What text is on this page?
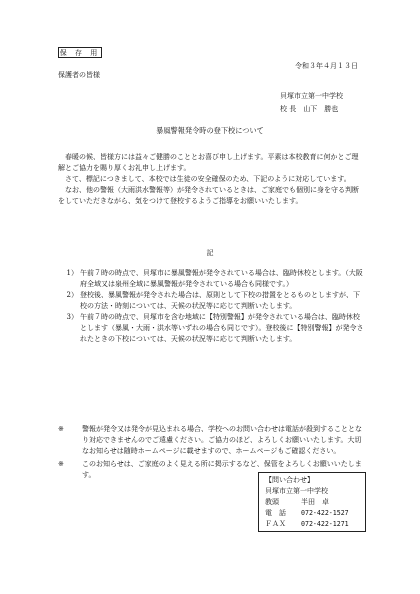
保 存 用
令和３年４月１３日
保護者の皆様
貝塚市立第一中学校
校 長　山下　勝也
暴風警報発令時の登下校について

春暖の候、皆様方には益々ご健勝のこととお喜び申し上げます。平素は本校教育に何かとご理解とご協力を賜り厚くお礼申し上げます。

さて、標記につきまして、本校では生徒の安全確保のため、下記のように対応しています。

なお、他の警報（大雨洪水警報等）が発令されているときは、ご家庭でも個別に身を守る判断をしていただきながら、気をつけて登校するようご指導をお願いいたします。

記
1） 午前７時の時点で、貝塚市に暴風警報が発令されている場合は、臨時休校とします。（大阪府全域又は泉州全域に暴風警報が発令されている場合も同様です。）
2） 登校後、暴風警報が発令された場合は、原則として下校の措置をとるものとしますが、下校の方法・時刻については、天候の状況等に応じて判断いたします。
3） 午前７時の時点で、貝塚市を含む地域に【特別警報】が発令されている場合は、臨時休校とします（暴風・大雨・洪水等いずれの場合も同じです）。登校後に【特別警報】が発令されたときの下校については、天候の状況等に応じて判断いたします。
※	警報が発令又は発令が見込まれる場合、学校へのお問い合わせは電話が殺到することとなり対応できませんのでご遠慮ください。ご協力のほど、よろしくお願いいたします。大切なお知らせは随時ホームページに載せますので、ホームページもご確認ください。
※	このお知らせは、ご家庭のよく見える所に掲示するなど、保管をよろしくお願いいたします。
【問い合わせ】
貝塚市立第一中学校
教頭	半田　卓
電　話	072-422-1527
ＦＡＸ	072-422-1271
